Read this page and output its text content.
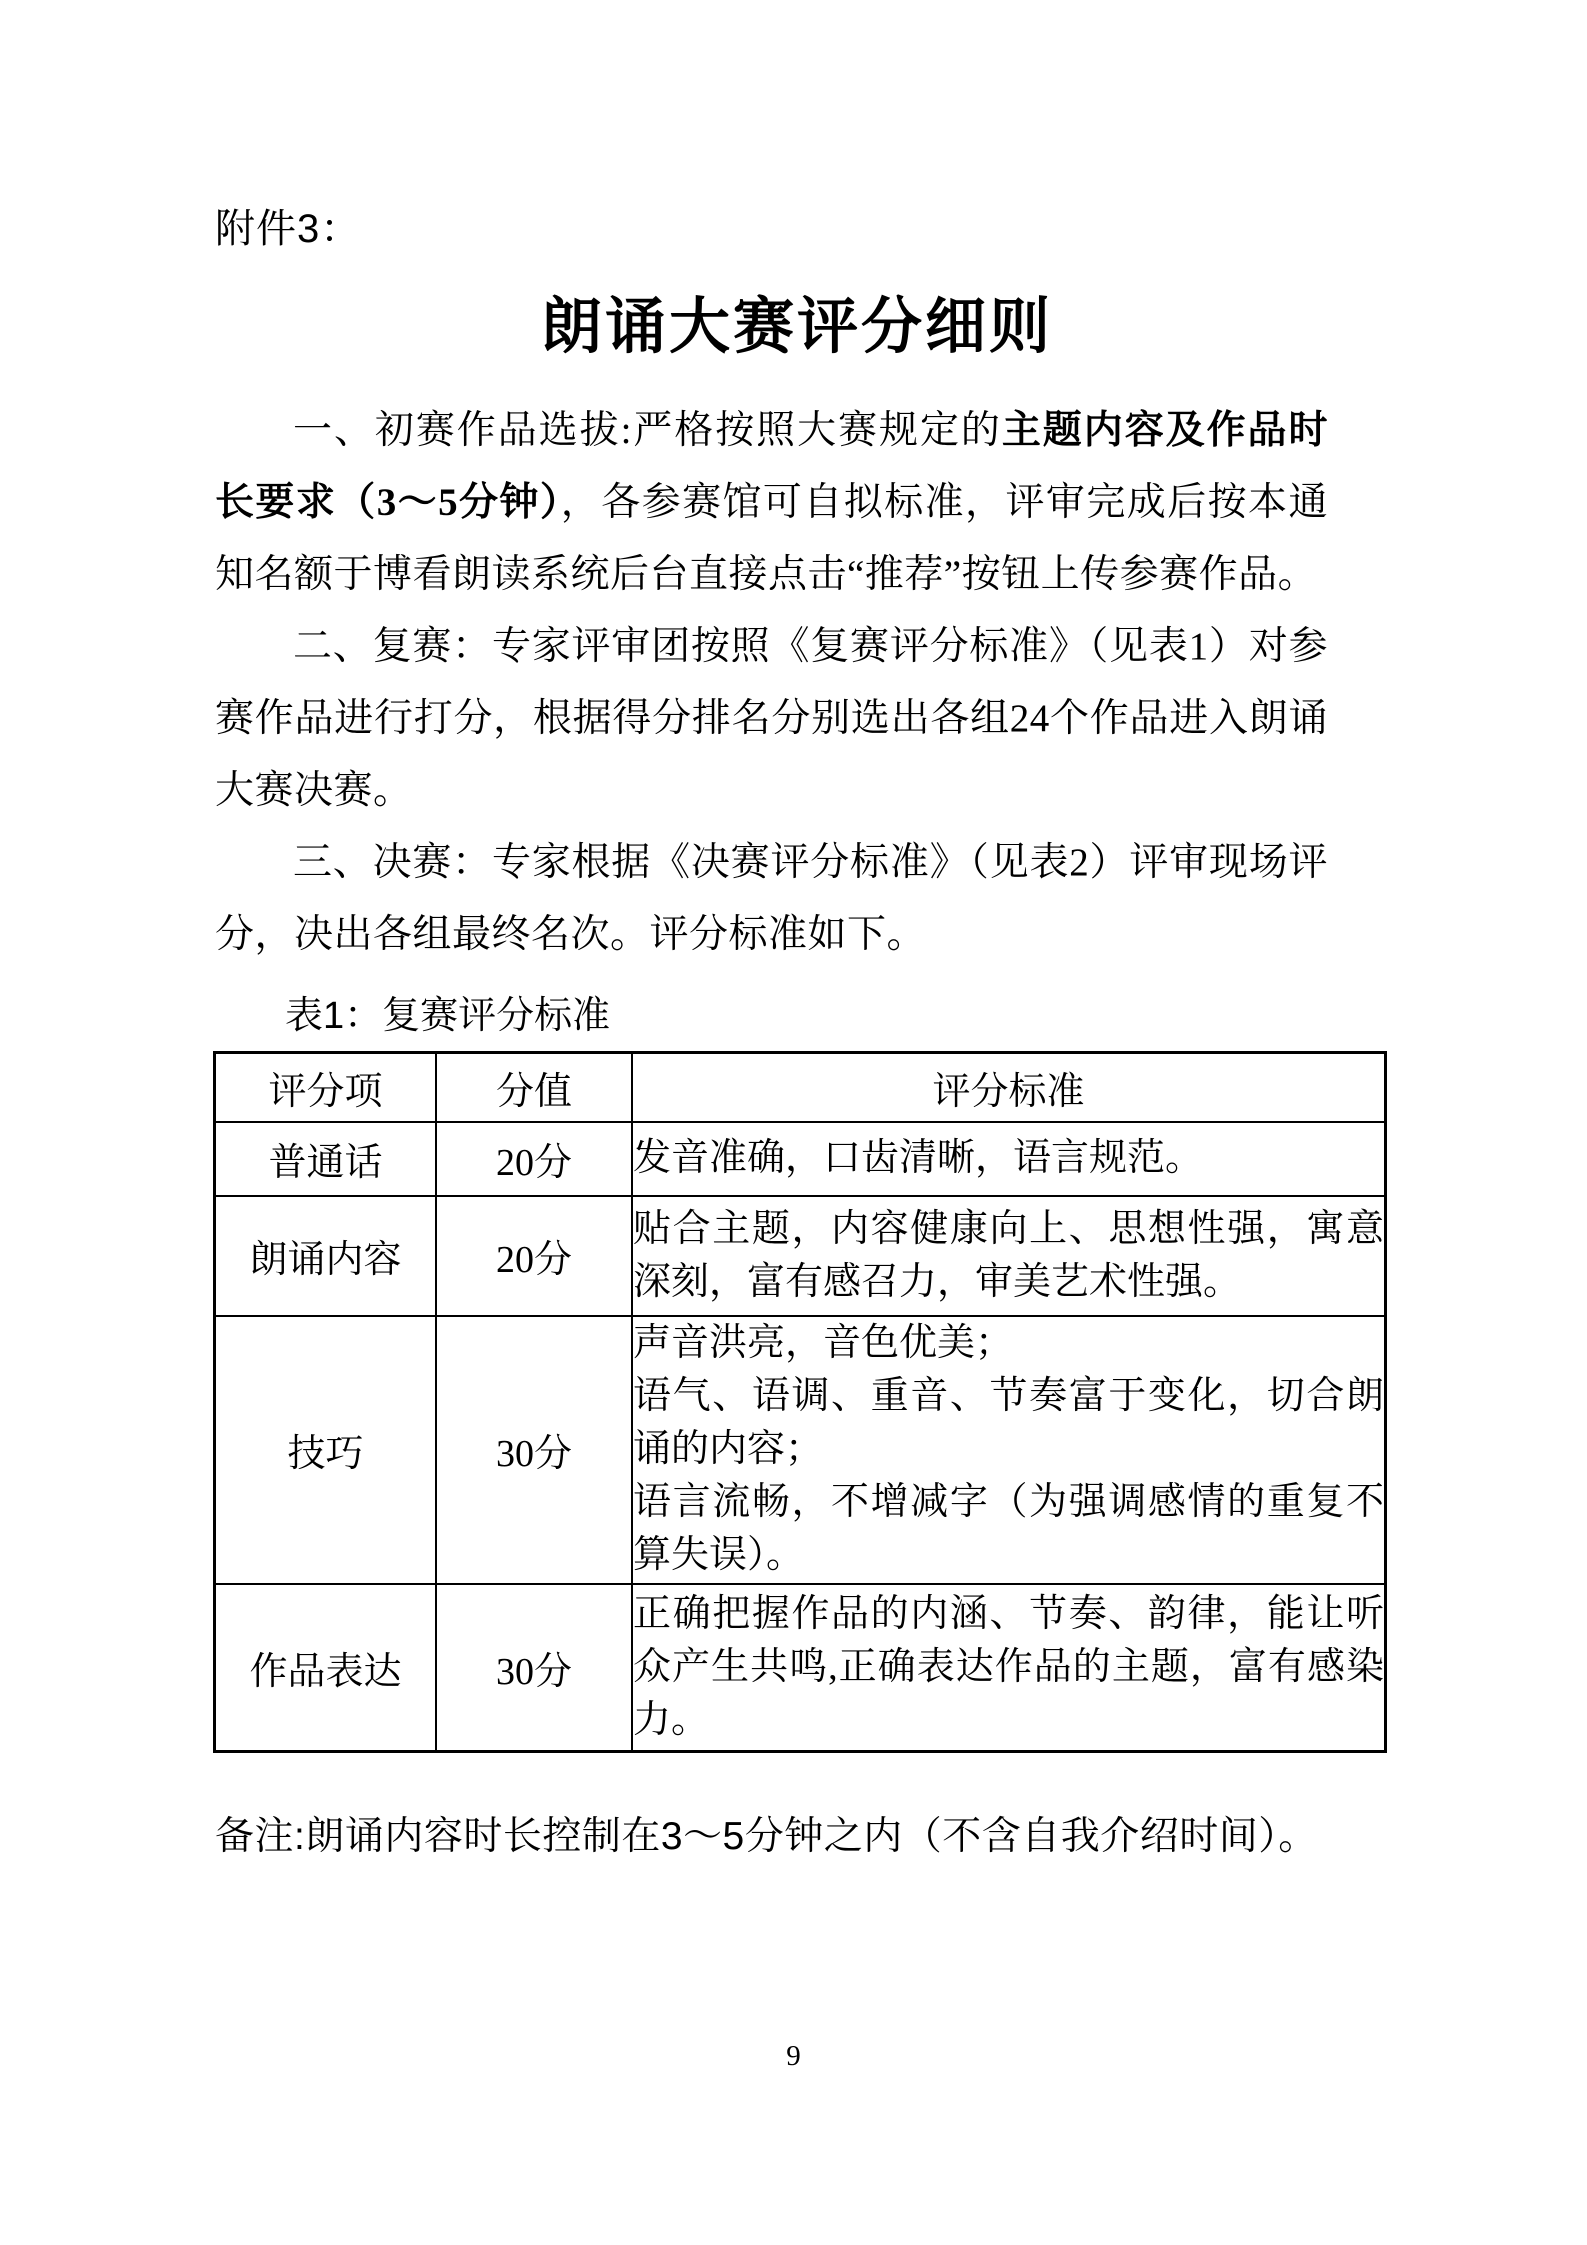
附件3：
朗诵大赛评分细则

一、初赛作品选拔:严格按照大赛规定的主题内容及作品时长要求（3～5分钟），各参赛馆可自拟标准，评审完成后按本通知名额于博看朗读系统后台直接点击“推荐”按钮上传参赛作品。

二、复赛：专家评审团按照《复赛评分标准》（见表1）对参赛作品进行打分，根据得分排名分别选出各组24个作品进入朗诵大赛决赛。

三、决赛：专家根据《决赛评分标准》（见表2）评审现场评分，决出各组最终名次。评分标准如下。

表1：复赛评分标准
评分项	分值	评分标准
普通话	20分	发音准确，口齿清晰，语言规范。

朗诵内容	20分	贴合主题，内容健康向上、思想性强，寓意深刻，富有感召力，审美艺术性强。

技巧	30分	声音洪亮，音色优美；
语气、语调、重音、节奏富于变化，切合朗诵的内容；
语言流畅，不增减字（为强调感情的重复不算失误）。

作品表达	30分	正确把握作品的内涵、节奏、韵律，能让听众产生共鸣,正确表达作品的主题，富有感染力。
备注:朗诵内容时长控制在3～5分钟之内（不含自我介绍时间）。
9
